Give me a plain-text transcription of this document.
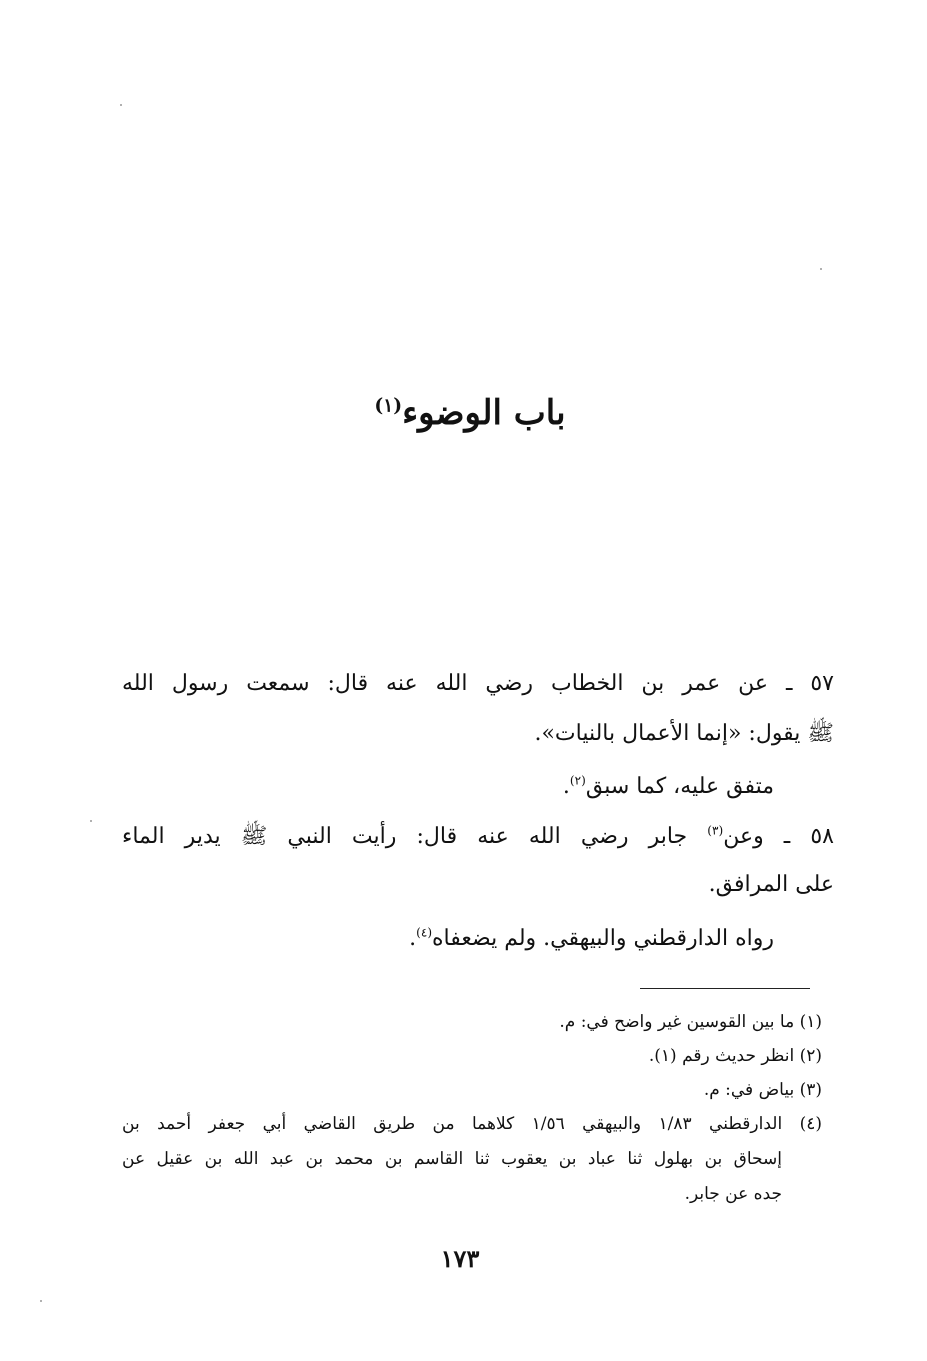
باب الوضوء$^{(١)}$
٥٧ ـ عن عمر بن الخطاب رضي الله عنه قال: سمعت رسول الله
ﷺ يقول: «إنما الأعمال بالنيات».
متفق عليه، كما سبق$^{(٢)}$.
٥٨ ـ وعن$^{(٣)}$ جابر رضي الله عنه قال: رأيت النبي ﷺ يدير الماء
على المرافق.
رواه الدارقطني والبيهقي. ولم يضعفاه$^{(٤)}$.
(١) ما بين القوسين غير واضح في: م.
(٢) انظر حديث رقم (١).
(٣) بياض في: م.
(٤) الدارقطني ١/٨٣ والبيهقي ١/٥٦ كلاهما من طريق القاضي أبي جعفر أحمد بن
إسحاق بن بهلول ثنا عباد بن يعقوب ثنا القاسم بن محمد بن عبد الله بن عقيل عن
جده عن جابر.
١٧٣
